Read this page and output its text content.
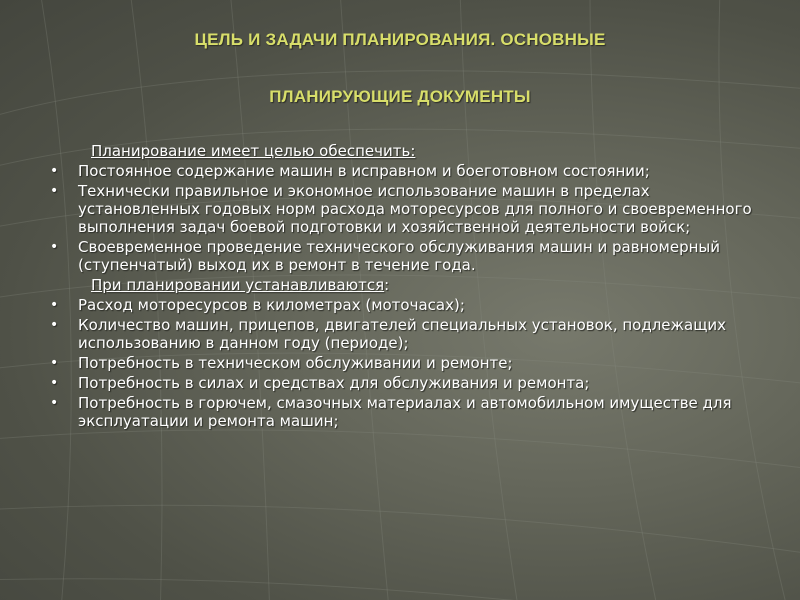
ЦЕЛЬ И ЗАДАЧИ ПЛАНИРОВАНИЯ. ОСНОВНЫЕ
ПЛАНИРУЮЩИЕ ДОКУМЕНТЫ
Планирование имеет целью обеспечить:
• Постоянное содержание машин в исправном и боеготовном состоянии;
• Технически правильное и экономное использование машин в пределах установленных годовых норм расхода моторесурсов для полного и своевременного выполнения задач боевой подготовки и хозяйственной деятельности войск;
• Своевременное проведение технического обслуживания машин и равномерный (ступенчатый) выход их в ремонт в течение года.
При планировании устанавливаются:
• Расход моторесурсов в километрах (моточасах);
• Количество машин, прицепов, двигателей специальных установок, подлежащих использованию в данном году (периоде);
• Потребность в техническом обслуживании и ремонте;
• Потребность в силах и средствах для обслуживания и ремонта;
• Потребность в горючем, смазочных материалах и автомобильном имуществе для эксплуатации и ремонта машин;
